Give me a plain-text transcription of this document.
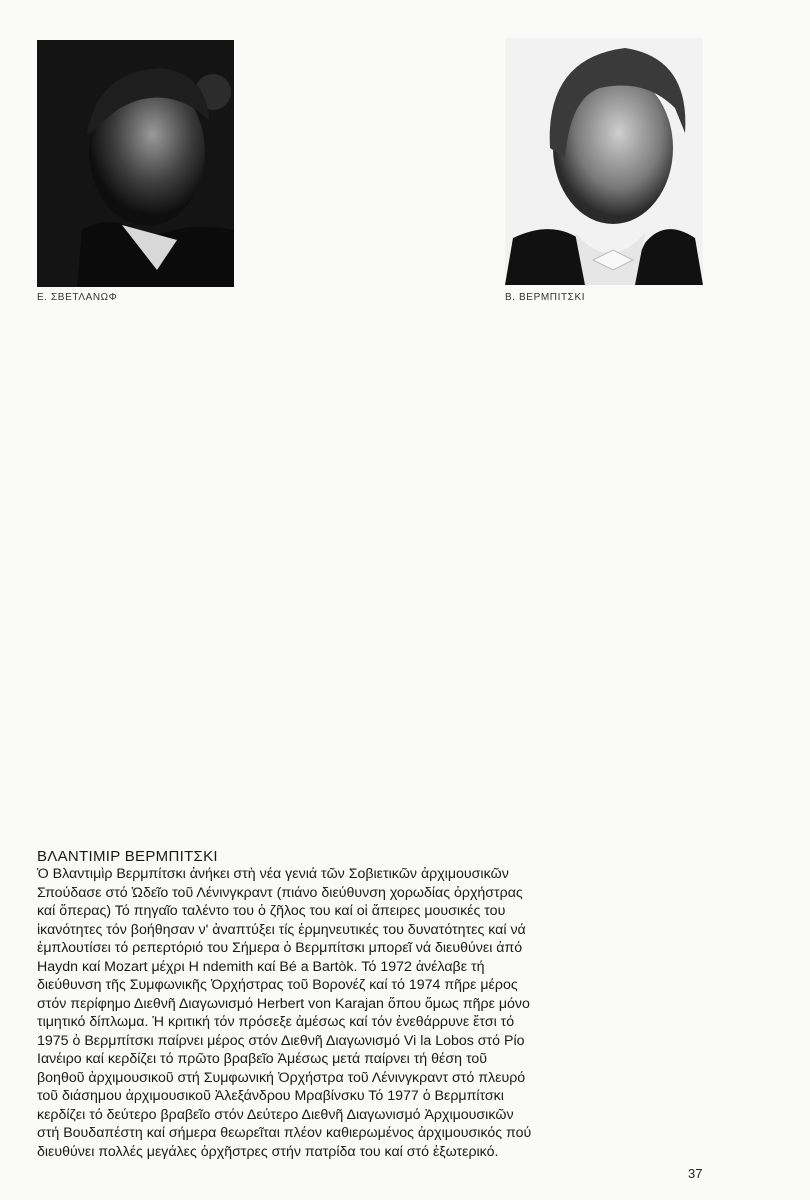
Ε. ΣΒΕΤΛΑΝΩΦ	Β. ΒΕΡΜΠΙΤΣΚΙ
ΒΛΑΝΤΙΜΙΡ ΒΕΡΜΠΙΤΣΚΙ
Ὁ Βλαντιμὶρ Βερμπίτσκι ἀνήκει στὴ νέα γενιά τῶν Σοβιετικῶν ἀρχιμουσικῶν
Σπούδασε στό Ὠδεῖο τοῦ Λένινγκραντ (πιάνο διεύθυνση χορωδίας ὀρχήστρας
καί ὅπερας) Τό πηγαῖο ταλέντο του ὁ ζῆλος του καί οἱ ἄπειρες μουσικές του
ἱκανότητες τόν βοήθησαν ν' ἀναπτύξει τίς ἑρμηνευτικές του δυνατότητες καί νά
ἐμπλουτίσει τό ρεπερτόριό του Σήμερα ὁ Βερμπίτσκι μπορεῖ νά διευθύνει ἀπό
Haydn καί Mozart μέχρι H ndemith καί Bé a Bartòk. Τό 1972 ἀνέλαβε τή
διεύθυνση τῆς Συμφωνικῆς Ὀρχήστρας τοῦ Βορονέζ καί τό 1974 πῆρε μέρος
στόν περίφημο Διεθνῆ Διαγωνισμό Herbert von Karajan ὅπου ὅμως πῆρε μόνο
τιμητικό δίπλωμα. Ἡ κριτική τόν πρόσεξε ἀμέσως καί τόν ἐνεθάρρυνε ἔτσι τό
1975 ὁ Βερμπίτσκι παίρνει μέρος στόν Διεθνῆ Διαγωνισμό Vi la Lobos στό Ρίο
Ιανέιρο καί κερδίζει τό πρῶτο βραβεῖο Ἀμέσως μετά παίρνει τή θέση τοῦ
βοηθοῦ ἀρχιμουσικοῦ στή Συμφωνική Ὀρχήστρα τοῦ Λένινγκραντ στό πλευρό
τοῦ διάσημου ἀρχιμουσικοῦ Ἀλεξάνδρου Μραβίνσκυ Τό 1977 ὁ Βερμπίτσκι
κερδίζει τό δεύτερο βραβεῖο στόν Δεύτερο Διεθνῆ Διαγωνισμό Ἀρχιμουσικῶν
στή Βουδαπέστη καί σήμερα θεωρεῖται πλέον καθιερωμένος ἀρχιμουσικός πού
διευθύνει πολλές μεγάλες ὀρχῆστρες στήν πατρίδα του καί στό ἐξωτερικό.
37
